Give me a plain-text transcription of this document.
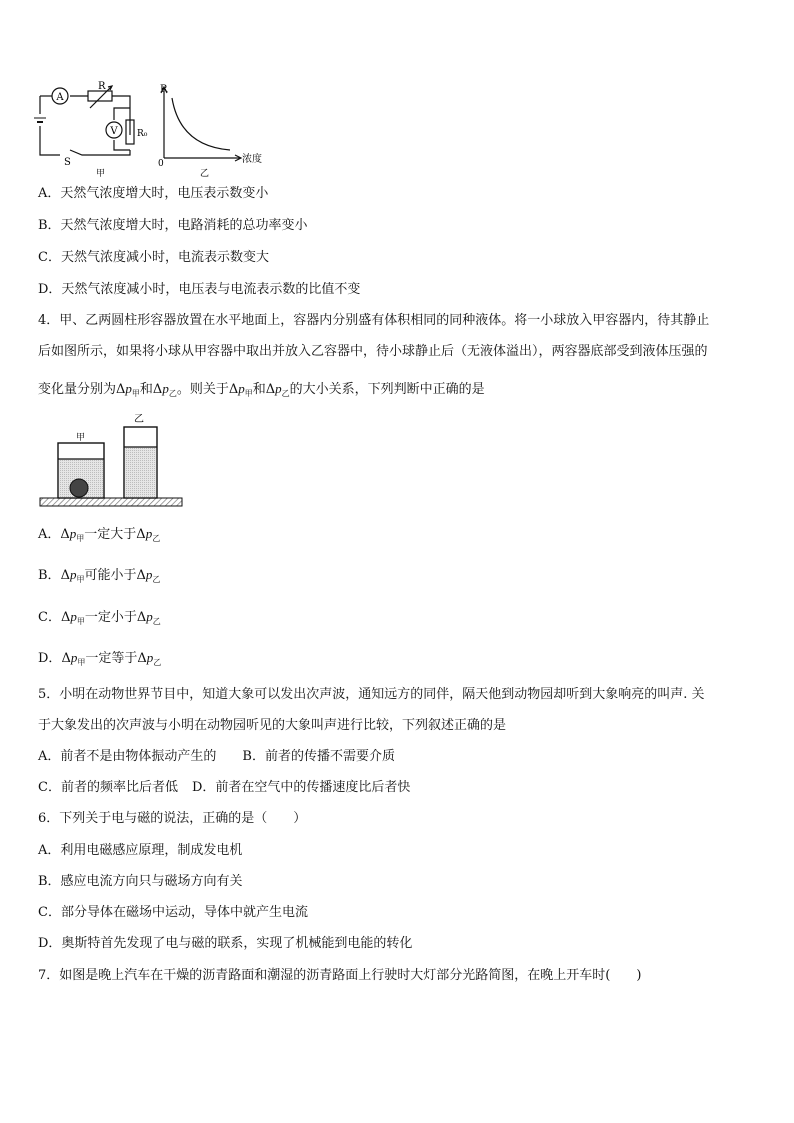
A
V
R
R₀
S
甲
R
0	浓度
乙
A．天然气浓度增大时，电压表示数变小
B．天然气浓度增大时，电路消耗的总功率变小
C．天然气浓度减小时，电流表示数变大
D．天然气浓度减小时，电压表与电流表示数的比值不变
4．甲、乙两圆柱形容器放置在水平地面上，容器内分别盛有体积相同的同种液体。将一小球放入甲容器内，待其静止
后如图所示，如果将小球从甲容器中取出并放入乙容器中，待小球静止后（无液体溢出），两容器底部受到液体压强的
变化量分别为$\Delta p_甲$和$\Delta p_乙$。则关于$\Delta p_甲$和$\Delta p_乙$的大小关系，下列判断中正确的是
甲
乙
A．$\Delta p_甲$一定大于$\Delta p_乙$
B．$\Delta p_甲$可能小于$\Delta p_乙$
C．$\Delta p_甲$一定小于$\Delta p_乙$
D．$\Delta p_甲$一定等于$\Delta p_乙$
5．小明在动物世界节目中，知道大象可以发出次声波，通知远方的同伴，隔天他到动物园却听到大象响亮的叫声. 关
于大象发出的次声波与小明在动物园听见的大象叫声进行比较，下列叙述正确的是
A．前者不是由物体振动产生的 B．前者的传播不需要介质
C．前者的频率比后者低 D．前者在空气中的传播速度比后者快
6．下列关于电与磁的说法，正确的是（　　）
A．利用电磁感应原理，制成发电机
B．感应电流方向只与磁场方向有关
C．部分导体在磁场中运动，导体中就产生电流
D．奥斯特首先发现了电与磁的联系，实现了机械能到电能的转化
7．如图是晚上汽车在干燥的沥青路面和潮湿的沥青路面上行驶时大灯部分光路简图，在晚上开车时(　　)
